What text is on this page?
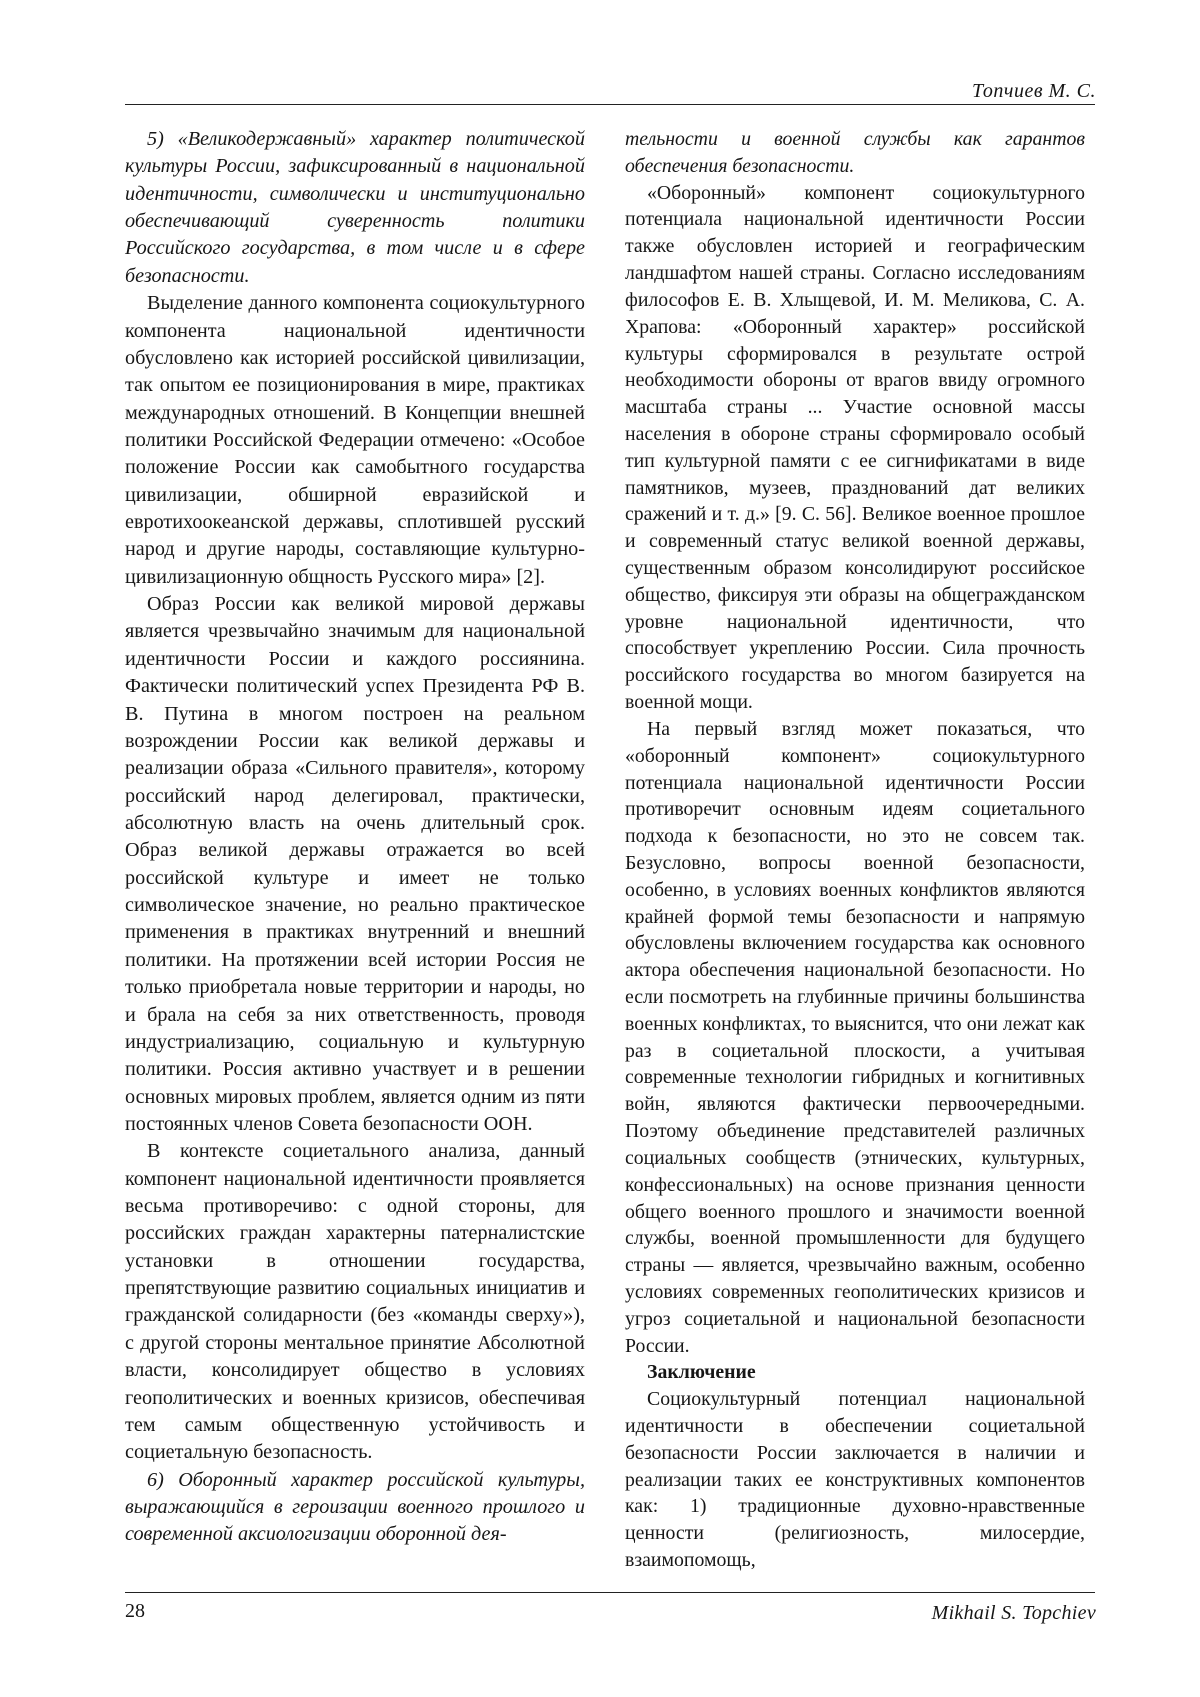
Топчиев М. С.

5) «Великодержавный» характер политической культуры России, зафиксированный в национальной идентичности, символически и институционально обеспечивающий суверенность политики Российского государства, в том числе и в сфере безопасности.

Выделение данного компонента социокультурного компонента национальной идентичности обусловлено как историей российской цивилизации, так опытом ее позиционирования в мире, практиках международных отношений. В Концепции внешней политики Российской Федерации отмечено: «Особое положение России как самобытного государства цивилизации, обширной евразийской и евротихоокеанской державы, сплотившей русский народ и другие народы, составляющие культурно-цивилизационную общность Русского мира» [2].

Образ России как великой мировой державы является чрезвычайно значимым для национальной идентичности России и каждого россиянина. Фактически политический успех Президента РФ В. В. Путина в многом построен на реальном возрождении России как великой державы и реализации образа «Сильного правителя», которому российский народ делегировал, практически, абсолютную власть на очень длительный срок. Образ великой державы отражается во всей российской культуре и имеет не только символическое значение, но реально практическое применения в практиках внутренний и внешний политики. На протяжении всей истории Россия не только приобретала новые территории и народы, но и брала на себя за них ответственность, проводя индустриализацию, социальную и культурную политики. Россия активно участвует и в решении основных мировых проблем, является одним из пяти постоянных членов Совета безопасности ООН.

В контексте социетального анализа, данный компонент национальной идентичности проявляется весьма противоречиво: с одной стороны, для российских граждан характерны патерналистские установки в отношении государства, препятствующие развитию социальных инициатив и гражданской солидарности (без «команды сверху»), с другой стороны ментальное принятие Абсолютной власти, консолидирует общество в условиях геополитических и военных кризисов, обеспечивая тем самым общественную устойчивость и социетальную безопасность.

6) Оборонный характер российской культуры, выражающийся в героизации военного прошлого и современной аксиологизации оборонной дея-

тельности и военной службы как гарантов обеспечения безопасности.

«Оборонный» компонент социокультурного потенциала национальной идентичности России также обусловлен историей и географическим ландшафтом нашей страны. Согласно исследованиям философов Е. В. Хлыщевой, И. М. Меликова, С. А. Храпова: «Оборонный характер» российской культуры сформировался в результате острой необходимости обороны от врагов ввиду огромного масштаба страны ... Участие основной массы населения в обороне страны сформировало особый тип культурной памяти с ее сигнификатами в виде памятников, музеев, празднований дат великих сражений и т. д.» [9. С. 56]. Великое военное прошлое и современный статус великой военной державы, существенным образом консолидируют российское общество, фиксируя эти образы на общегражданском уровне национальной идентичности, что способствует укреплению России. Сила прочность российского государства во многом базируется на военной мощи.

На первый взгляд может показаться, что «оборонный компонент» социокультурного потенциала национальной идентичности России противоречит основным идеям социетального подхода к безопасности, но это не совсем так. Безусловно, вопросы военной безопасности, особенно, в условиях военных конфликтов являются крайней формой темы безопасности и напрямую обусловлены включением государства как основного актора обеспечения национальной безопасности. Но если посмотреть на глубинные причины большинства военных конфликтах, то выяснится, что они лежат как раз в социетальной плоскости, а учитывая современные технологии гибридных и когнитивных войн, являются фактически первоочередными. Поэтому объединение представителей различных социальных сообществ (этнических, культурных, конфессиональных) на основе признания ценности общего военного прошлого и значимости военной службы, военной промышленности для будущего страны — является, чрезвычайно важным, особенно условиях современных геополитических кризисов и угроз социетальной и национальной безопасности России.

Заключение

Социокультурный потенциал национальной идентичности в обеспечении социетальной безопасности России заключается в наличии и реализации таких ее конструктивных компонентов как: 1) традиционные духовно-нравственные ценности (религиозность, милосердие, взаимопомощь,

28	Mikhail S. Topchiev
